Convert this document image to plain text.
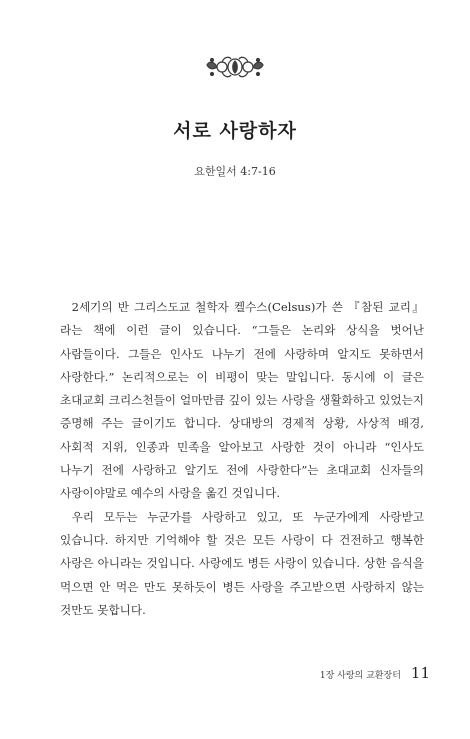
서로 사랑하자
요한일서 4:7-16

2세기의 반 그리스도교 철학자 켈수스(Celsus)가 쓴 『참된 교리』라는 책에 이런 글이 있습니다. “그들은 논리와 상식을 벗어난 사람들이다. 그들은 인사도 나누기 전에 사랑하며 알지도 못하면서 사랑한다.” 논리적으로는 이 비평이 맞는 말입니다. 동시에 이 글은 초대교회 크리스천들이 얼마만큼 깊이 있는 사랑을 생활화하고 있었는지 증명해 주는 글이기도 합니다. 상대방의 경제적 상황, 사상적 배경, 사회적 지위, 인종과 민족을 알아보고 사랑한 것이 아니라 “인사도 나누기 전에 사랑하고 알기도 전에 사랑한다”는 초대교회 신자들의 사랑이야말로 예수의 사랑을 옮긴 것입니다.

우리 모두는 누군가를 사랑하고 있고, 또 누군가에게 사랑받고 있습니다. 하지만 기억해야 할 것은 모든 사랑이 다 건전하고 행복한 사랑은 아니라는 것입니다. 사랑에도 병든 사랑이 있습니다. 상한 음식을 먹으면 안 먹은 만도 못하듯이 병든 사랑을 주고받으면 사랑하지 않는 것만도 못합니다.

1장 사랑의 교환장터 11
